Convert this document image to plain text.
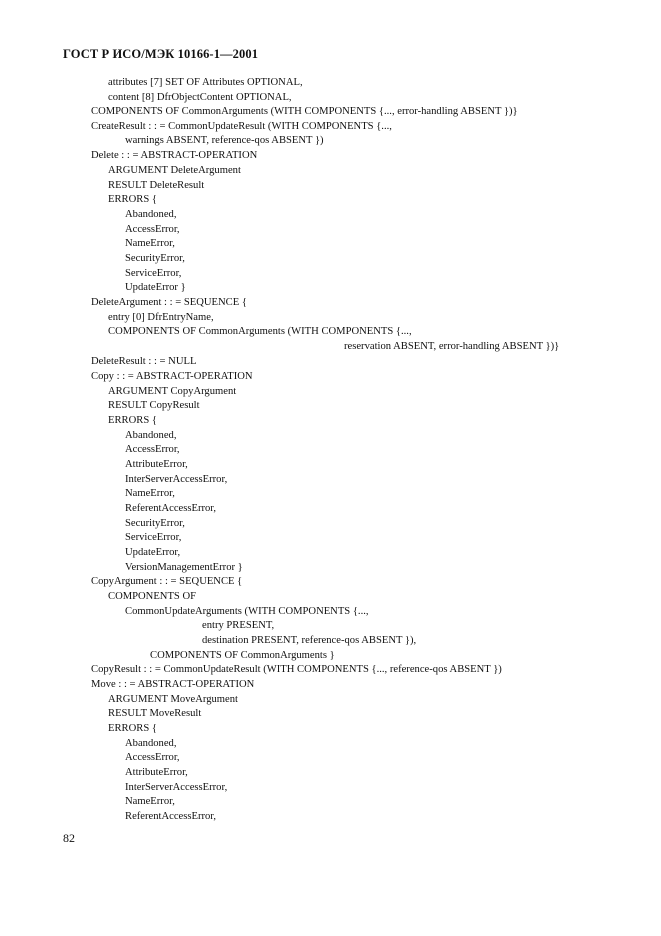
ГОСТ Р ИСО/МЭК 10166-1—2001
attributes [7] SET OF Attributes OPTIONAL,
content [8] DfrObjectContent OPTIONAL,
COMPONENTS OF CommonArguments (WITH COMPONENTS {..., error-handling ABSENT })}
CreateResult : : = CommonUpdateResult (WITH COMPONENTS {...,
warnings ABSENT, reference-qos ABSENT })
Delete : : = ABSTRACT-OPERATION
ARGUMENT DeleteArgument
RESULT DeleteResult
ERRORS {
Abandoned,
AccessError,
NameError,
SecurityError,
ServiceError,
UpdateError }
DeleteArgument : : = SEQUENCE {
entry [0] DfrEntryName,
COMPONENTS OF CommonArguments (WITH COMPONENTS {...,
reservation ABSENT, error-handling ABSENT })}
DeleteResult : : = NULL
Copy : : = ABSTRACT-OPERATION
ARGUMENT CopyArgument
RESULT CopyResult
ERRORS {
Abandoned,
AccessError,
AttributeError,
InterServerAccessError,
NameError,
ReferentAccessError,
SecurityError,
ServiceError,
UpdateError,
VersionManagementError }
CopyArgument : : = SEQUENCE {
COMPONENTS OF
CommonUpdateArguments (WITH COMPONENTS {...,
entry PRESENT,
destination PRESENT, reference-qos ABSENT }),
COMPONENTS OF CommonArguments }
CopyResult : : = CommonUpdateResult (WITH COMPONENTS {..., reference-qos ABSENT })
Move : : = ABSTRACT-OPERATION
ARGUMENT MoveArgument
RESULT MoveResult
ERRORS {
Abandoned,
AccessError,
AttributeError,
InterServerAccessError,
NameError,
ReferentAccessError,
82
